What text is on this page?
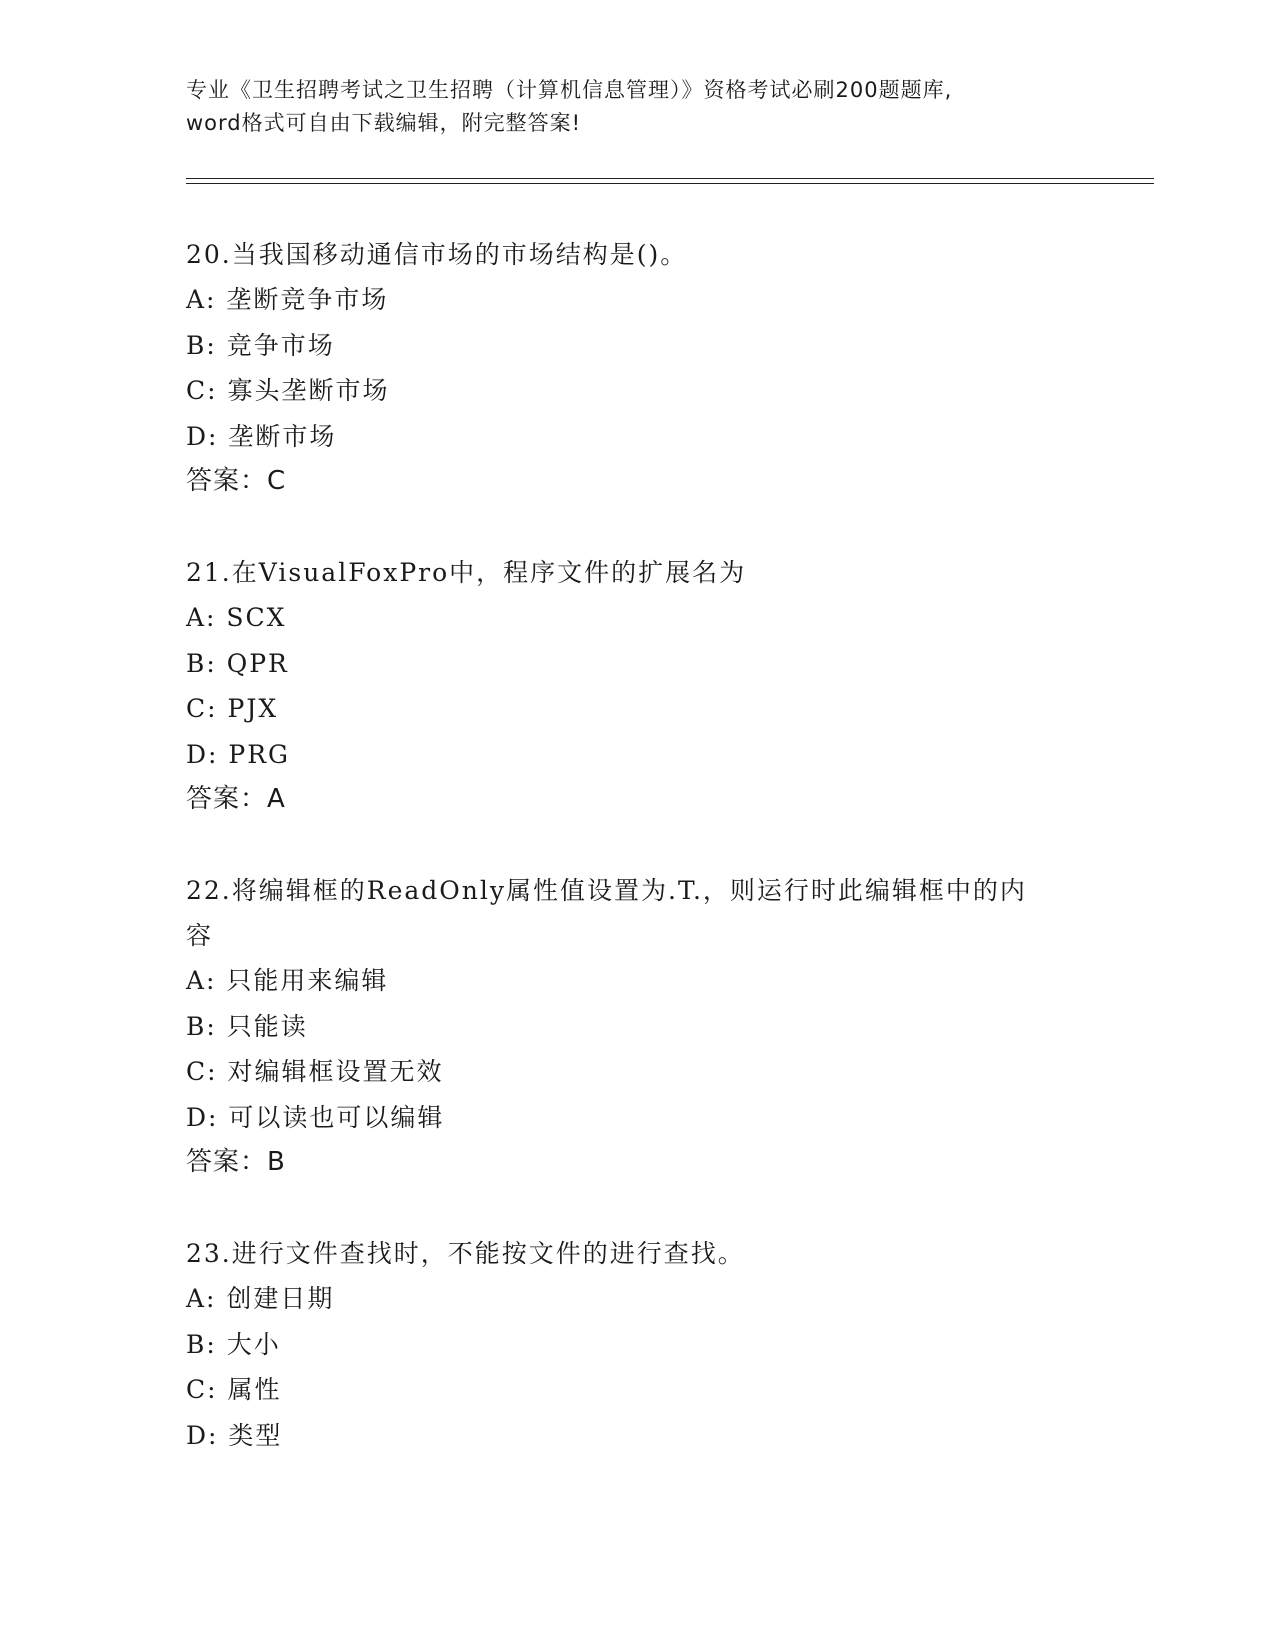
专业《卫生招聘考试之卫生招聘（计算机信息管理）》资格考试必刷200题题库,
word格式可自由下载编辑，附完整答案!
20.当我国移动通信市场的市场结构是()。
A: 垄断竞争市场
B: 竞争市场
C: 寡头垄断市场
D: 垄断市场
答案：C
21.在VisualFoxPro中，程序文件的扩展名为
A: SCX
B: QPR
C: PJX
D: PRG
答案：A
22.将编辑框的ReadOnly属性值设置为.T.，则运行时此编辑框中的内
容
A: 只能用来编辑
B: 只能读
C: 对编辑框设置无效
D: 可以读也可以编辑
答案：B
23.进行文件查找时，不能按文件的进行查找。
A: 创建日期
B: 大小
C: 属性
D: 类型
